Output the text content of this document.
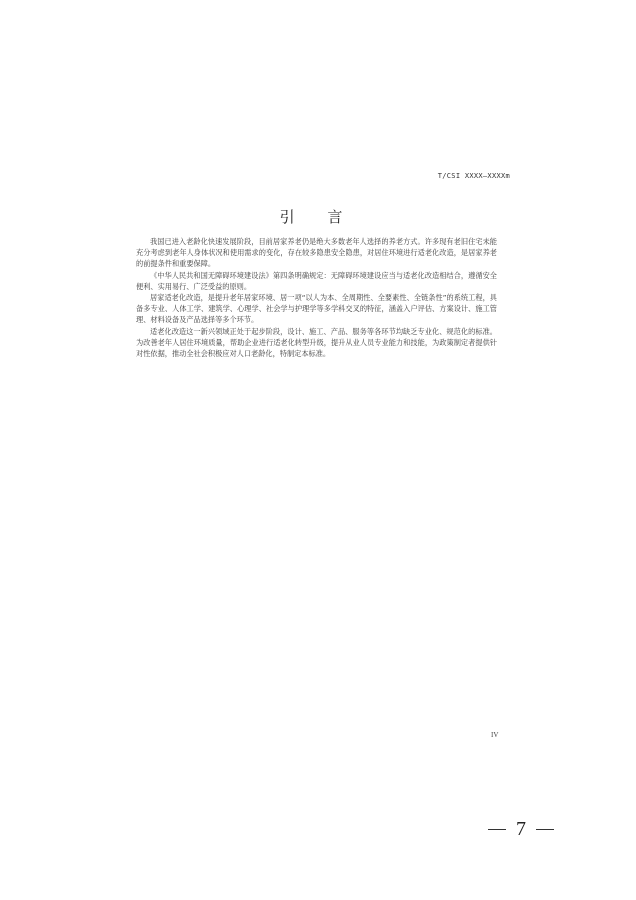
T/CSI XXXX—XXXXm
引 言

我国已进入老龄化快速发展阶段，目前居家养老仍是绝大多数老年人选择的养老方式。许多现有老旧住宅未能充分考虑到老年人身体状况和使用需求的变化，存在较多隐患安全隐患，对居住环境进行适老化改造，是居家养老的前提条件和重要保障。

《中华人民共和国无障碍环境建设法》第四条明确规定：无障碍环境建设应当与适老化改造相结合，遵循安全便利、实用易行、广泛受益的原则。

居家适老化改造，是提升老年居家环境、居一项“以人为本、全周期性、全要素性、全链条性”的系统工程，具备多专业、人体工学、建筑学、心理学、社会学与护理学等多学科交叉的特征，涵盖入户评估、方案设计、施工管理、材料设备及产品选择等多个环节。

适老化改造这一新兴领域正处于起步阶段，设计、施工、产品、服务等各环节均缺乏专业化、规范化的标准。为改善老年人居住环境质量，帮助企业进行适老化转型升级，提升从业人员专业能力和技能，为政策制定者提供针对性依据，推动全社会积极应对人口老龄化，特制定本标准。

IV
7
